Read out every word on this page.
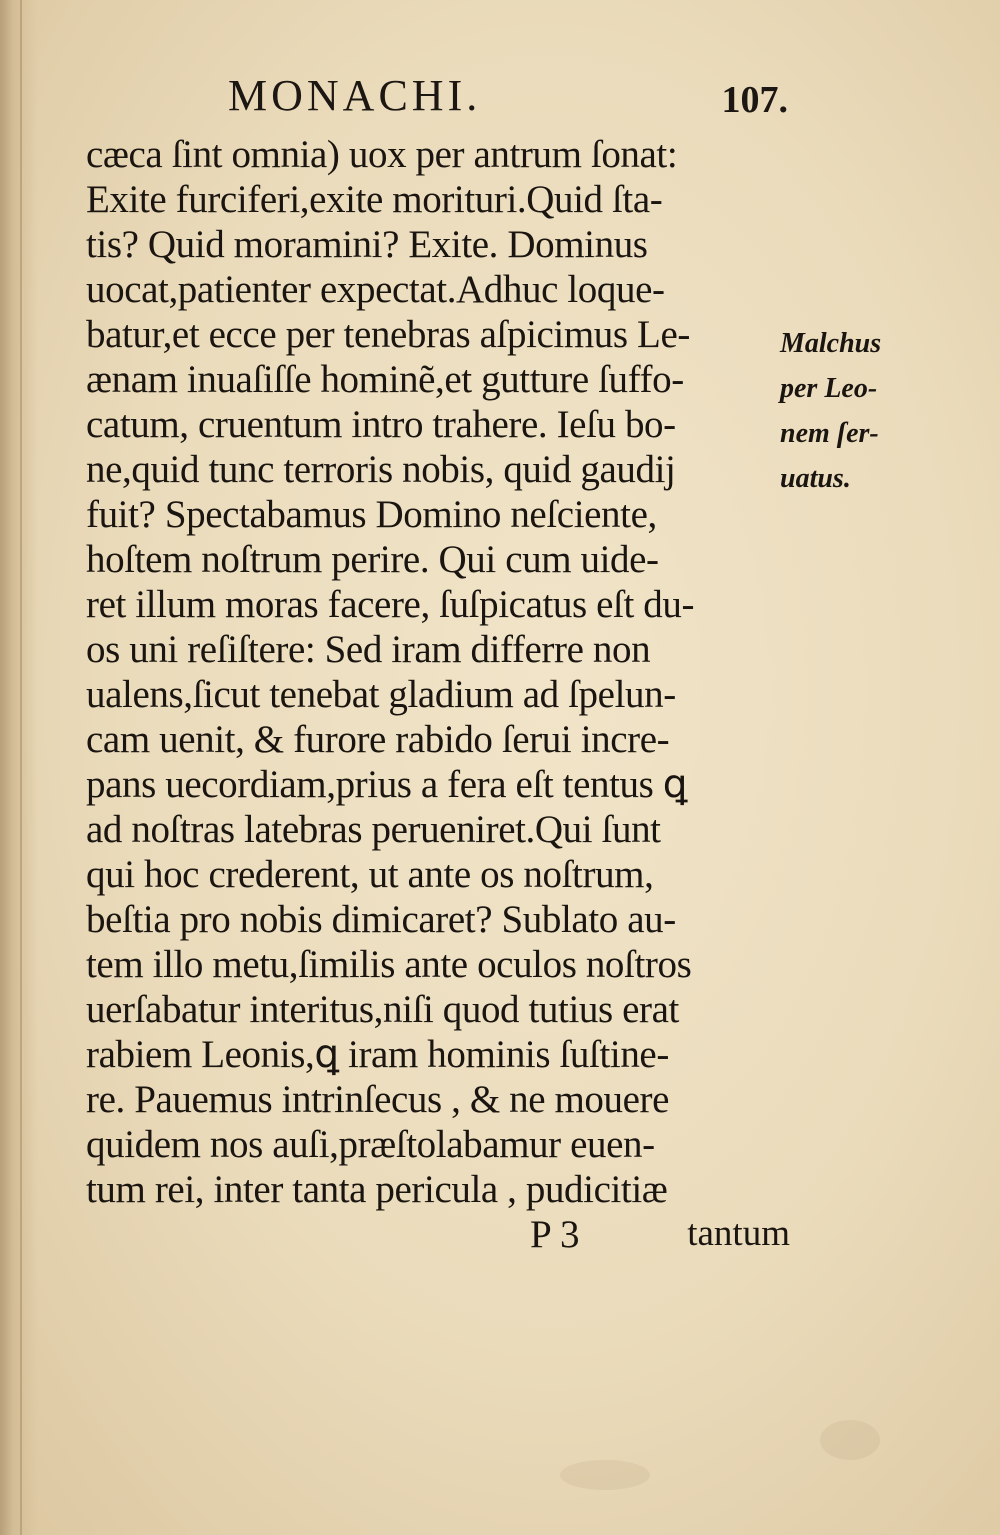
MONACHI.	107.
cæca ſint omnia) uox per antrum ſonat:
Exite furciferi,exite morituri.Quid ſta-
tis? Quid moramini? Exite. Dominus
uocat,patienter expectat.Adhuc loque-
batur,et ecce per tenebras aſpicimus Le-
ænam inuaſiſſe hominẽ,et gutture ſuffo-
catum, cruentum intro trahere. Ieſu bo-
ne,quid tunc terroris nobis, quid gaudij
fuit? Spectabamus Domino neſciente,
hoſtem noſtrum perire. Qui cum uide-
ret illum moras facere, ſuſpicatus eſt du-
os uni reſiſtere: Sed iram differre non
ualens,ſicut tenebat gladium ad ſpelun-
cam uenit, & furore rabido ſerui incre-
pans uecordiam,prius a fera eſt tentus ꝗ
ad noſtras latebras perueniret.Qui ſunt
qui hoc crederent, ut ante os noſtrum,
beſtia pro nobis dimicaret? Sublato au-
tem illo metu,ſimilis ante oculos noſtros
uerſabatur interitus,niſi quod tutius erat
rabiem Leonis,ꝗ iram hominis ſuſtine-
re. Pauemus intrinſecus , & ne mouere
quidem nos auſi,præſtolabamur euen-
tum rei, inter tanta pericula , pudicitiæ
Malchus
per Leo-
nem ſer-
uatus.
P 3	tantum
